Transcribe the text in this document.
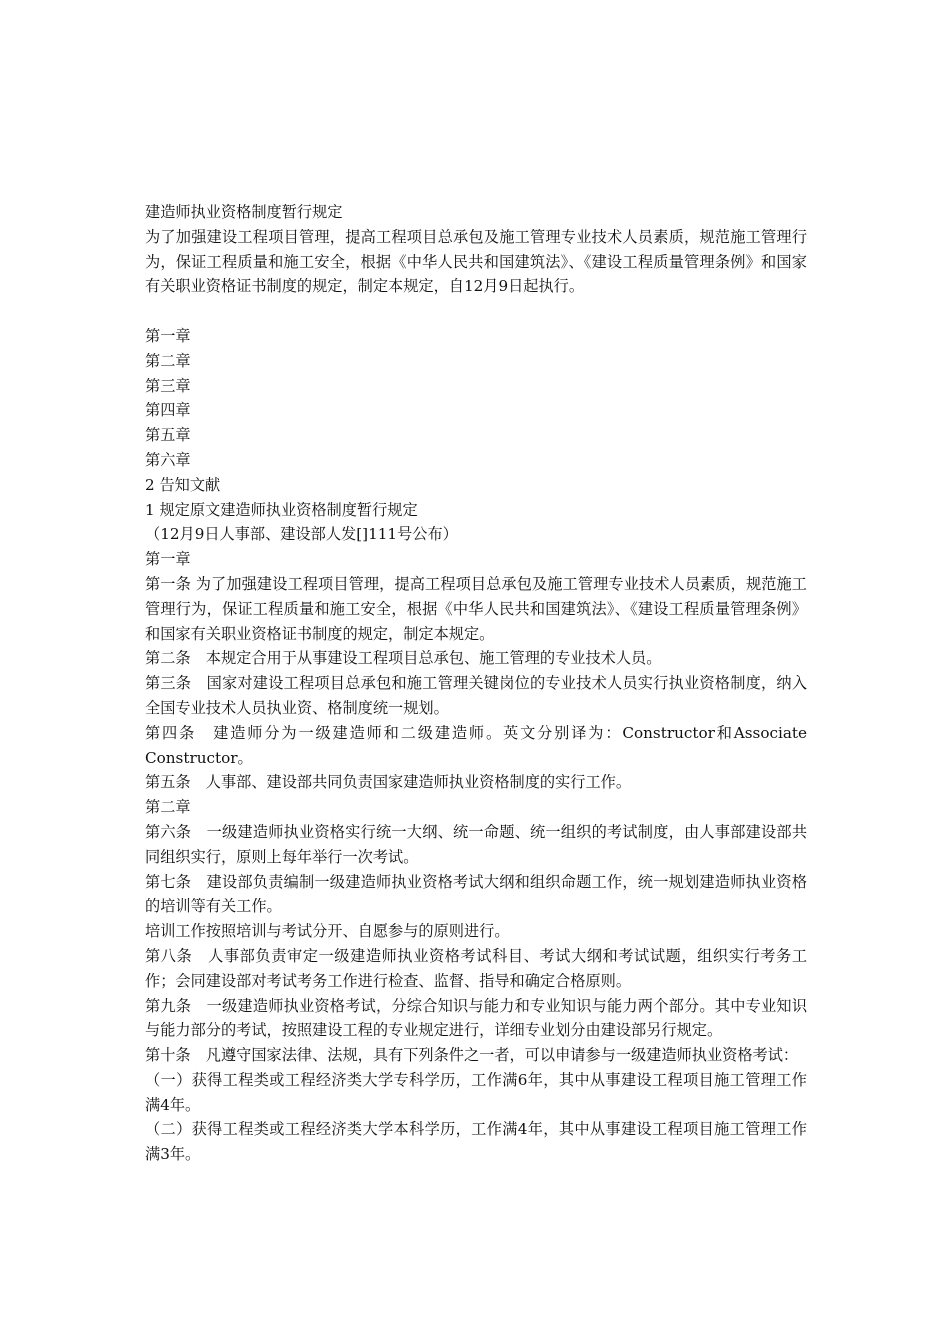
建造师执业资格制度暂行规定

为了加强建设工程项目管理，提高工程项目总承包及施工管理专业技术人员素质，规范施工管理行为，保证工程质量和施工安全，根据《中华人民共和国建筑法》、《建设工程质量管理条例》和国家有关职业资格证书制度的规定，制定本规定，自12月9日起执行。

第一章

第二章

第三章

第四章

第五章

第六章

2 告知文献

1 规定原文建造师执业资格制度暂行规定

（12月9日人事部、建设部人发[]111号公布）

第一章

第一条 为了加强建设工程项目管理，提高工程项目总承包及施工管理专业技术人员素质，规范施工管理行为，保证工程质量和施工安全，根据《中华人民共和国建筑法》、《建设工程质量管理条例》和国家有关职业资格证书制度的规定，制定本规定。

第二条　本规定合用于从事建设工程项目总承包、施工管理的专业技术人员。

第三条　国家对建设工程项目总承包和施工管理关键岗位的专业技术人员实行执业资格制度，纳入全国专业技术人员执业资、格制度统一规划。

第四条　建造师分为一级建造师和二级建造师。英文分别译为：Constructor和Associate Constructor。

第五条　人事部、建设部共同负责国家建造师执业资格制度的实行工作。

第二章

第六条　一级建造师执业资格实行统一大纲、统一命题、统一组织的考试制度，由人事部建设部共同组织实行，原则上每年举行一次考试。

第七条　建设部负责编制一级建造师执业资格考试大纲和组织命题工作，统一规划建造师执业资格的培训等有关工作。

培训工作按照培训与考试分开、自愿参与的原则进行。

第八条　人事部负责审定一级建造师执业资格考试科目、考试大纲和考试试题，组织实行考务工作；会同建设部对考试考务工作进行检查、监督、指导和确定合格原则。

第九条　一级建造师执业资格考试，分综合知识与能力和专业知识与能力两个部分。其中专业知识与能力部分的考试，按照建设工程的专业规定进行，详细专业划分由建设部另行规定。

第十条　凡遵守国家法律、法规，具有下列条件之一者，可以申请参与一级建造师执业资格考试：

（一）获得工程类或工程经济类大学专科学历，工作满6年，其中从事建设工程项目施工管理工作满4年。

（二）获得工程类或工程经济类大学本科学历，工作满4年，其中从事建设工程项目施工管理工作满3年。
